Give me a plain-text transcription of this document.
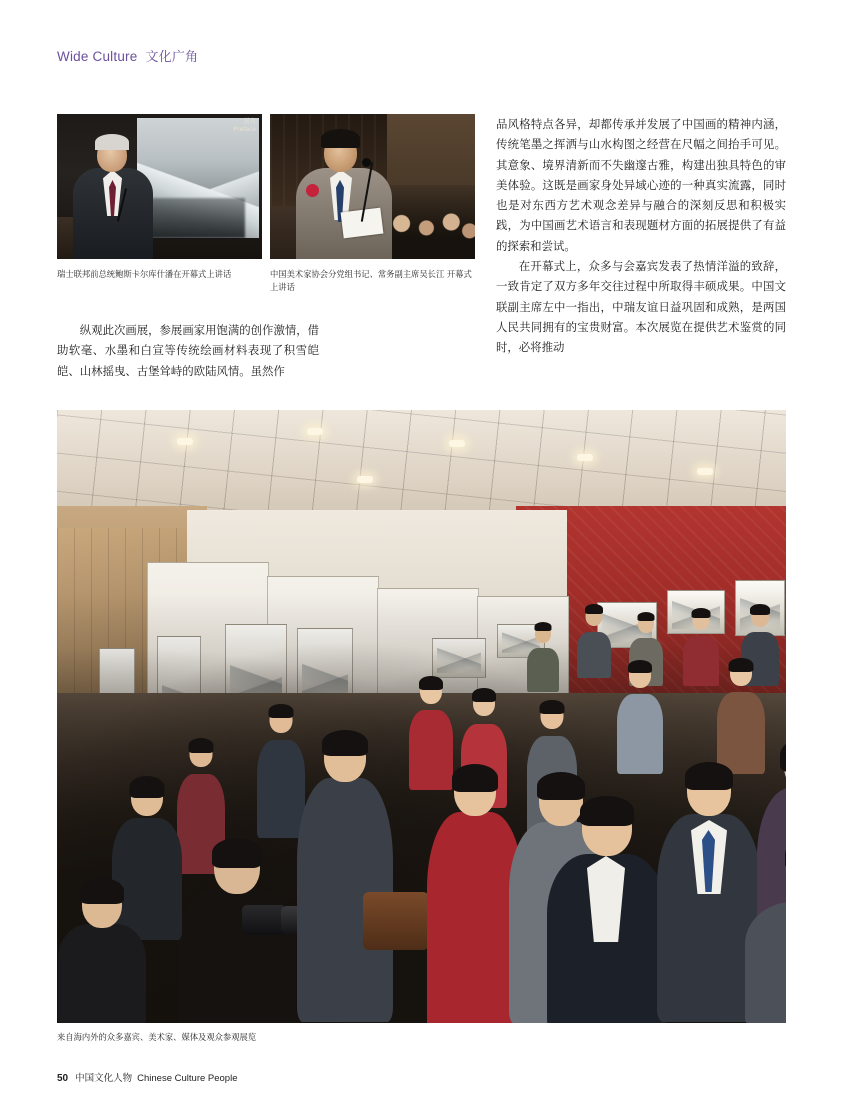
Wide Culture 文化广角
前言
Preface
瑞士联邦前总统鲍斯卡尔库什潘在开幕式上讲话	中国美术家协会分党组书记、常务副主席吴长江 开幕式上讲话

纵观此次画展，参展画家用饱满的创作激情，借助软毫、水墨和白宣等传统绘画材料表现了积雪皑皑、山林摇曳、古堡耸峙的欧陆风情。虽然作

品风格特点各异，却都传承并发展了中国画的精神内涵，传统笔墨之挥洒与山水构图之经营在尺幅之间抬手可见。其意象、境界清新而不失幽邃古雅，构建出独具特色的审美体验。这既是画家身处异域心迹的一种真实流露，同时也是对东西方艺术观念差异与融合的深刻反思和积极实践，为中国画艺术语言和表现题材方面的拓展提供了有益的探索和尝试。

在开幕式上，众多与会嘉宾发表了热情洋溢的致辞，一致肯定了双方多年交往过程中所取得丰硕成果。中国文联副主席左中一指出，中瑞友谊日益巩固和成熟，是两国人民共同拥有的宝贵财富。本次展览在提供艺术鉴赏的同时，必将推动

来自海内外的众多嘉宾、美术家、媒体及观众参观展览
50 中国文化人物 Chinese Culture People
